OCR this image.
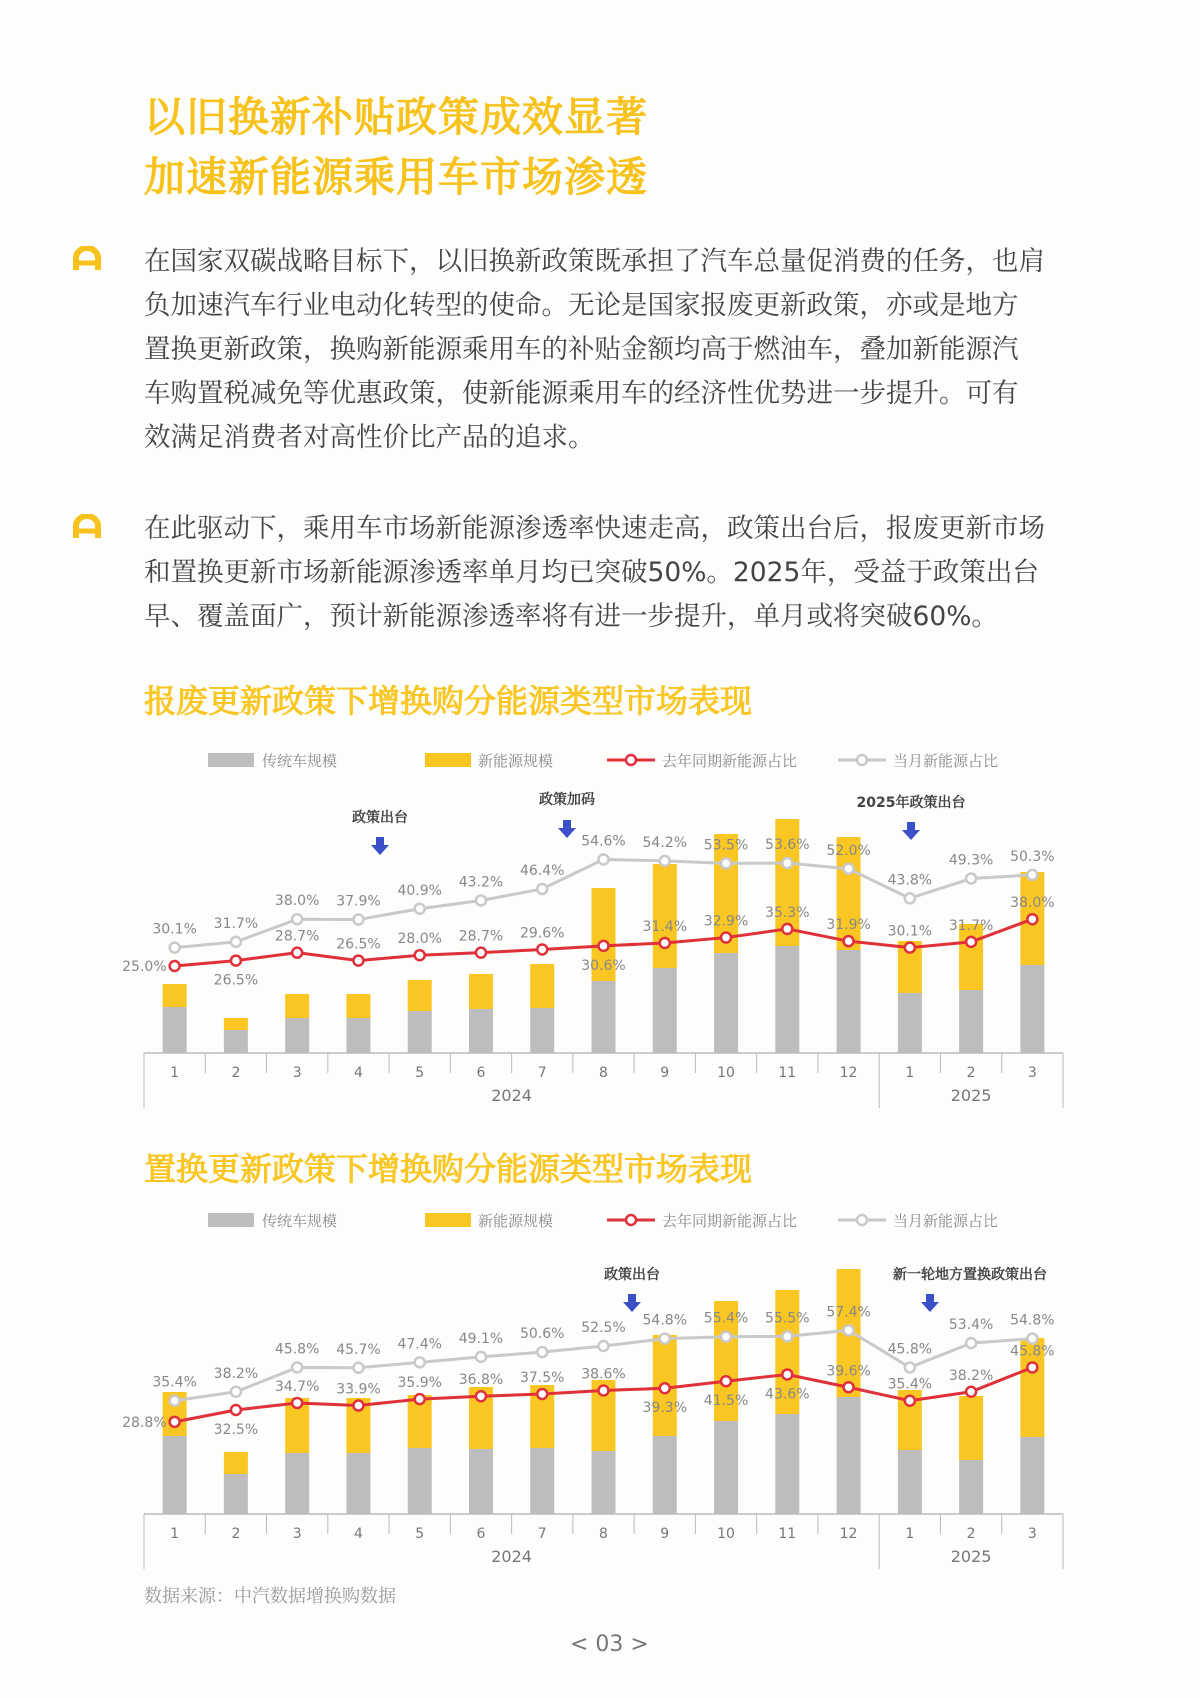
以旧换新补贴政策成效显著
加速新能源乘用车市场渗透
在国家双碳战略目标下，以旧换新政策既承担了汽车总量促消费的任务，也肩
负加速汽车行业电动化转型的使命。无论是国家报废更新政策，亦或是地方
置换更新政策，换购新能源乘用车的补贴金额均高于燃油车，叠加新能源汽
车购置税减免等优惠政策，使新能源乘用车的经济性优势进一步提升。可有
效满足消费者对高性价比产品的追求。
在此驱动下，乘用车市场新能源渗透率快速走高，政策出台后，报废更新市场
和置换更新市场新能源渗透率单月均已突破50%。2025年，受益于政策出台
早、覆盖面广，预计新能源渗透率将有进一步提升，单月或将突破60%。
报废更新政策下增换购分能源类型市场表现
传统车规模	新能源规模	去年同期新能源占比	当月新能源占比
30.1% 31.7%
38.0% 37.9%
40.9%
43.2%
46.4%
54.6% 54.2% 53.5% 53.6% 52.0%
43.8%
49.3% 50.3%
25.0%
26.5%
28.7% 26.5% 28.0% 28.7% 29.6%
30.6%
31.4% 32.9%
35.3%
31.9% 30.1% 31.7%
38.0%
政策出台
政策加码	2025年政策出台
1	2	3	4	5	6	7	8	9	10	11	12	1	2	3
2024	2025
置换更新政策下增换购分能源类型市场表现
传统车规模	新能源规模	去年同期新能源占比	当月新能源占比
35.4%
38.2%
45.8% 45.7% 47.4% 49.1% 50.6% 52.5% 54.8% 55.4% 55.5% 57.4%
45.8%
53.4% 54.8%
28.8%	32.5%
34.7% 33.9% 35.9% 36.8% 37.5% 38.6%
39.3% 41.5% 43.6%
39.6%
35.4%
38.2%
45.8%
政策出台	新一轮地方置换政策出台
1	2	3	4	5	6	7	8	9	10	11	12	1	2	3
2024	2025
数据来源：中汽数据增换购数据
< 03 >
